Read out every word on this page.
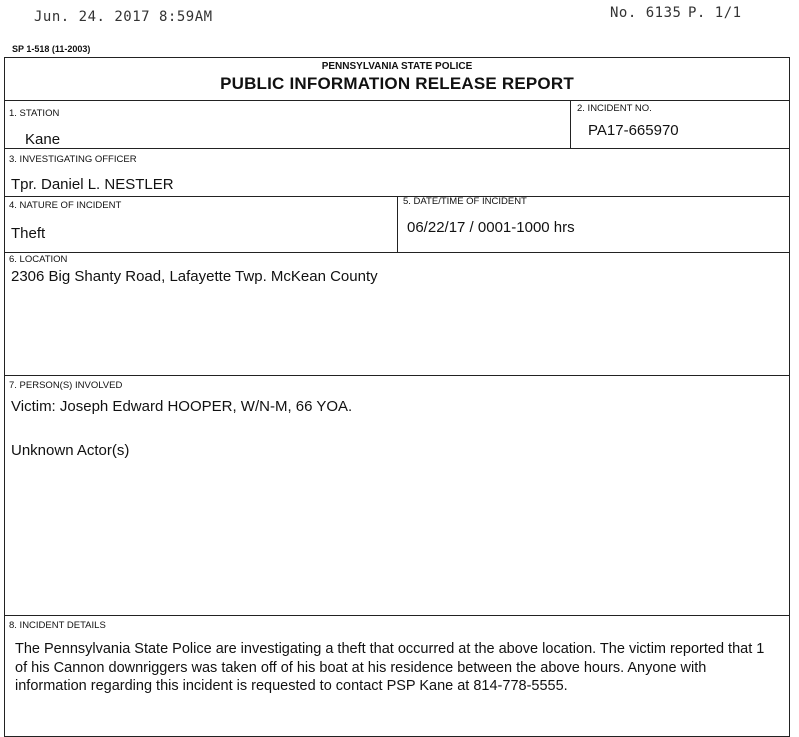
Jun. 24. 2017 8:59AM	No. 6135 P. 1/1
SP 1-518 (11-2003)
PENNSYLVANIA STATE POLICE
PUBLIC INFORMATION RELEASE REPORT
1. STATION
Kane
2. INCIDENT NO.
PA17-665970
3. INVESTIGATING OFFICER
Tpr. Daniel L. NESTLER
4. NATURE OF INCIDENT
Theft
5. DATE/TIME OF INCIDENT
06/22/17 / 0001-1000 hrs
6. LOCATION
2306 Big Shanty Road, Lafayette Twp. McKean County
7. PERSON(S) INVOLVED
Victim: Joseph Edward HOOPER, W/N-M, 66 YOA.
Unknown Actor(s)
8. INCIDENT DETAILS
The Pennsylvania State Police are investigating a theft that occurred at the above location. The victim reported that 1 of his Cannon downriggers was taken off of his boat at his residence between the above hours. Anyone with information regarding this incident is requested to contact PSP Kane at 814-778-5555.
